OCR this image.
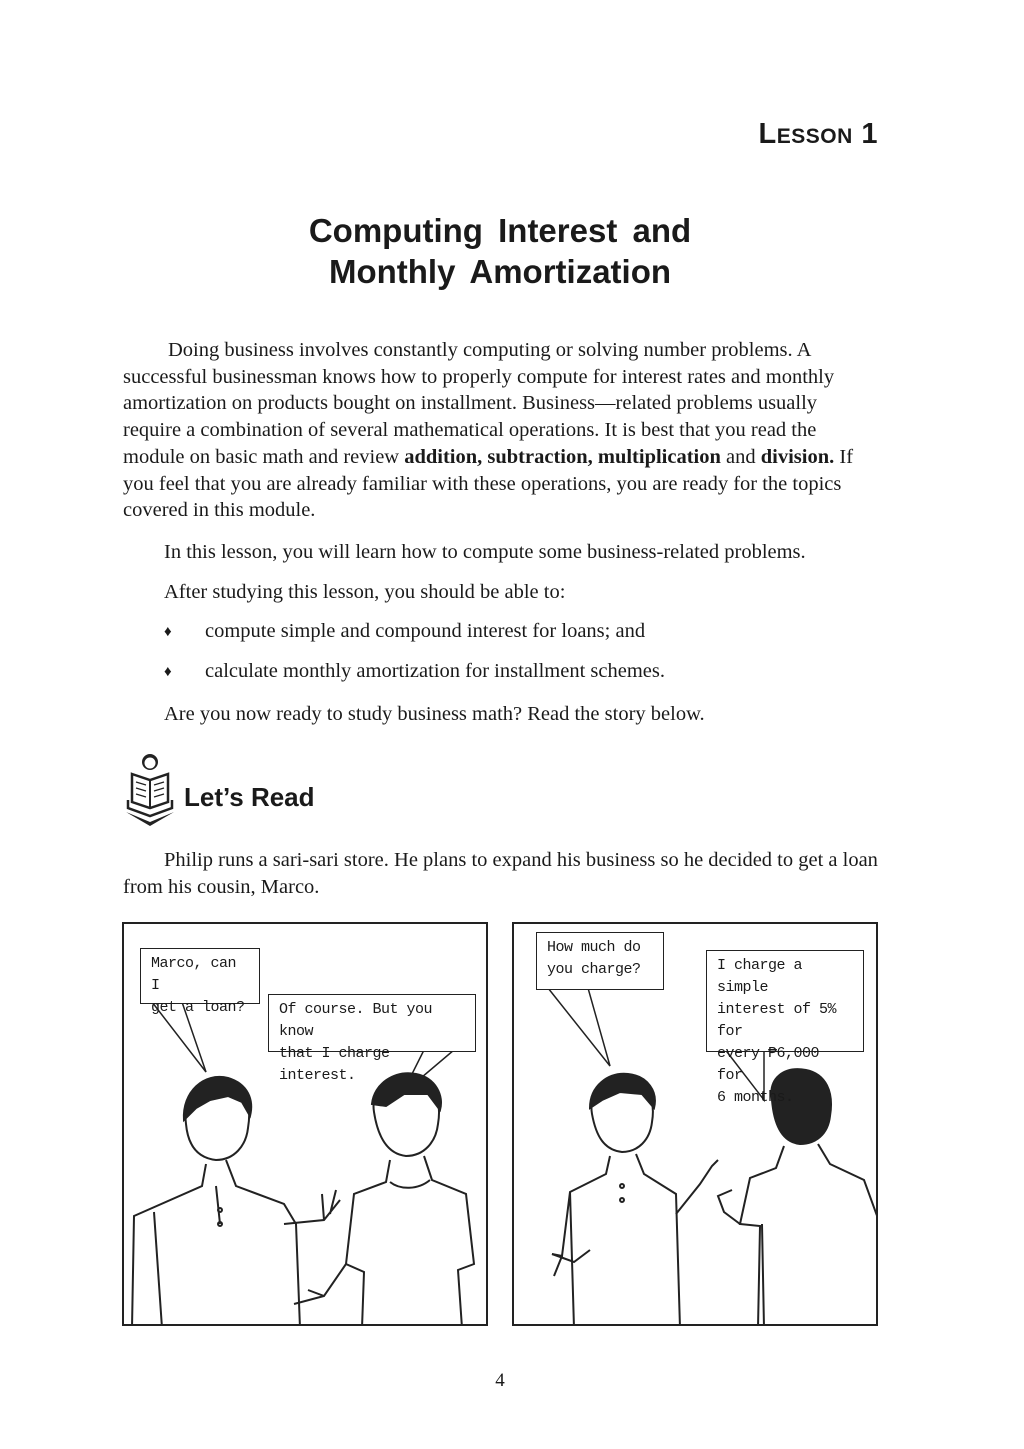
LESSON 1
Computing Interest and
Monthly Amortization
Doing business involves constantly computing or solving number problems. A successful businessman knows how to properly compute for interest rates and monthly amortization on products bought on installment. Business—related problems usually require a combination of several mathematical operations. It is best that you read the module on basic math and review addition, subtraction, multiplication and division. If you feel that you are already familiar with these operations, you are ready for the topics covered in this module.
In this lesson, you will learn how to compute some business-related problems.
After studying this lesson, you should be able to:
♦ compute simple and compound interest for loans; and
♦ calculate monthly amortization for installment schemes.
Are you now ready to study business math? Read the story below.
Let’s Read
Philip runs a sari-sari store. He plans to expand his business so he decided to get a loan from his cousin, Marco.
Marco, can I
get a loan? Of course. But you know
that I charge interest.
How much do
you charge?	I charge a simple
interest of 5% for
every ₱6,000 for
6 months.
4
